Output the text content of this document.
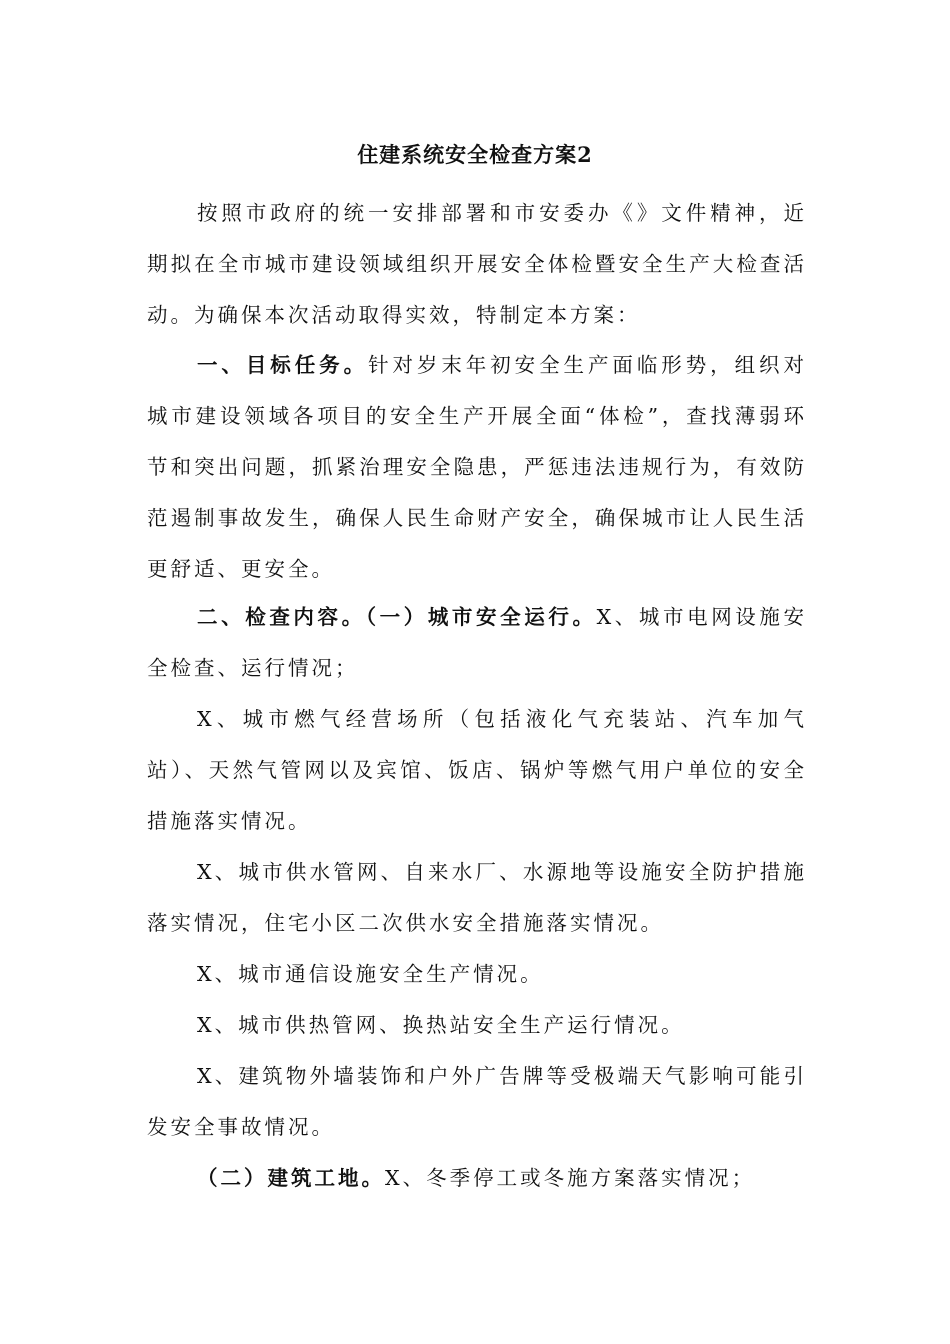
住建系统安全检查方案2

按照市政府的统一安排部署和市安委办《》文件精神，近期拟在全市城市建设领域组织开展安全体检暨安全生产大检查活动。为确保本次活动取得实效，特制定本方案：

一、目标任务。针对岁末年初安全生产面临形势，组织对城市建设领域各项目的安全生产开展全面“体检”，查找薄弱环节和突出问题，抓紧治理安全隐患，严惩违法违规行为，有效防范遏制事故发生，确保人民生命财产安全，确保城市让人民生活更舒适、更安全。

二、检查内容。（一）城市安全运行。X、城市电网设施安全检查、运行情况；

X、城市燃气经营场所（包括液化气充装站、汽车加气站）、天然气管网以及宾馆、饭店、锅炉等燃气用户单位的安全措施落实情况。

X、城市供水管网、自来水厂、水源地等设施安全防护措施落实情况，住宅小区二次供水安全措施落实情况。

X、城市通信设施安全生产情况。

X、城市供热管网、换热站安全生产运行情况。

X、建筑物外墙装饰和户外广告牌等受极端天气影响可能引发安全事故情况。

（二）建筑工地。X、冬季停工或冬施方案落实情况；
